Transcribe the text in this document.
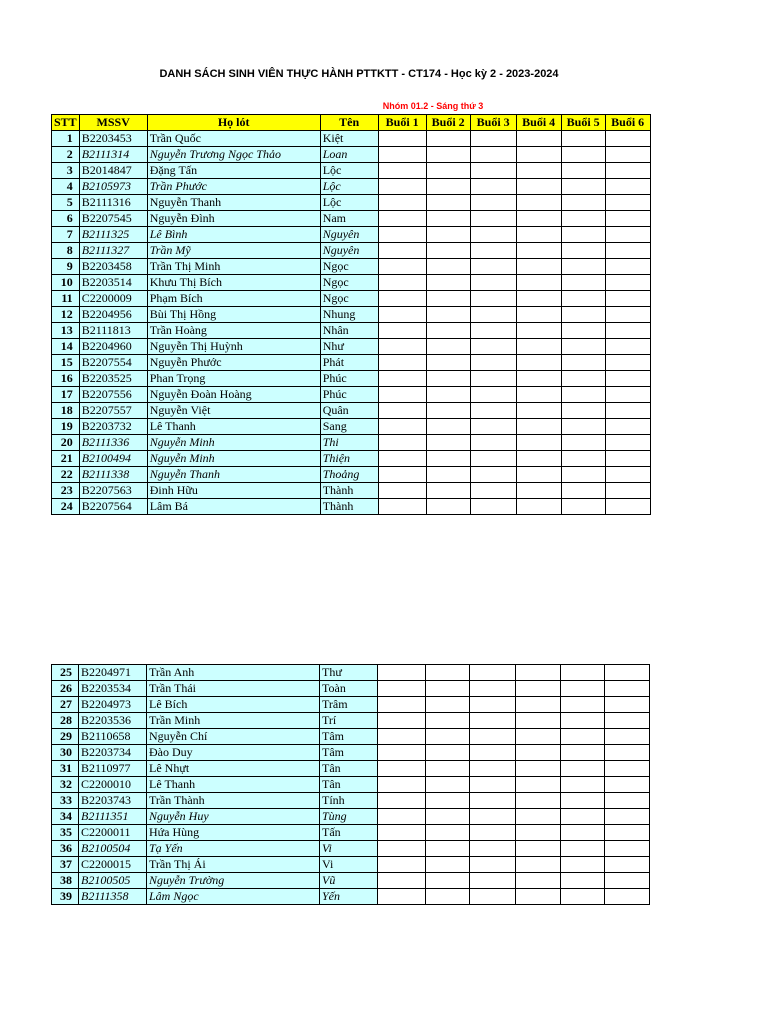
DANH SÁCH SINH VIÊN THỰC HÀNH PTTKTT - CT174 - Học kỳ 2 - 2023-2024
Nhóm 01.2 - Sáng thứ 3
STT	MSSV	Họ lót	Tên	Buổi 1	Buổi 2	Buổi 3	Buổi 4	Buổi 5	Buổi 6
1	B2203453	Trần Quốc	Kiệt						
2	B2111314	Nguyễn Trương Ngọc Thảo	Loan						
3	B2014847	Đặng Tấn	Lộc						
4	B2105973	Trần Phước	Lộc						
5	B2111316	Nguyễn Thanh	Lộc						
6	B2207545	Nguyễn Đình	Nam						
7	B2111325	Lê Bình	Nguyên						
8	B2111327	Trần Mỹ	Nguyên						
9	B2203458	Trần Thị Minh	Ngọc						
10	B2203514	Khưu Thị Bích	Ngọc						
11	C2200009	Phạm Bích	Ngọc						
12	B2204956	Bùi Thị Hồng	Nhung						
13	B2111813	Trần Hoàng	Nhân						
14	B2204960	Nguyễn Thị Huỳnh	Như						
15	B2207554	Nguyễn Phước	Phát						
16	B2203525	Phan Trọng	Phúc						
17	B2207556	Nguyễn Đoàn Hoàng	Phúc						
18	B2207557	Nguyễn Việt	Quân						
19	B2203732	Lê Thanh	Sang						
20	B2111336	Nguyễn Minh	Thi						
21	B2100494	Nguyễn Minh	Thiện						
22	B2111338	Nguyễn Thanh	Thoảng						
23	B2207563	Đinh Hữu	Thành						
24	B2207564	Lâm Bá	Thành						
25	B2204971	Trần Anh	Thư						
26	B2203534	Trần Thái	Toàn						
27	B2204973	Lê Bích	Trâm						
28	B2203536	Trần Minh	Trí						
29	B2110658	Nguyễn Chí	Tâm						
30	B2203734	Đào Duy	Tâm						
31	B2110977	Lê Nhựt	Tân						
32	C2200010	Lê Thanh	Tân						
33	B2203743	Trần Thành	Tính						
34	B2111351	Nguyễn Huy	Tùng						
35	C2200011	Hứa Hùng	Tấn						
36	B2100504	Tạ Yến	Vi						
37	C2200015	Trần Thị Ái	Vi						
38	B2100505	Nguyễn Trường	Vũ						
39	B2111358	Lâm Ngọc	Yến						
